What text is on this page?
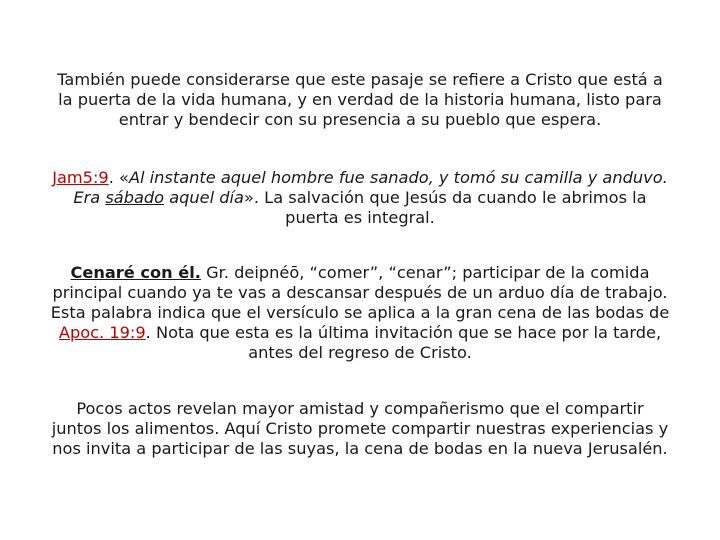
También puede considerarse que este pasaje se refiere a Cristo que está a
la puerta de la vida humana, y en verdad de la historia humana, listo para
entrar y bendecir con su presencia a su pueblo que espera.
Jam5:9. «Al instante aquel hombre fue sanado, y tomó su camilla y anduvo.
Era sábado aquel día». La salvación que Jesús da cuando le abrimos la
puerta es integral.
Cenaré con él. Gr. deipnéō, “comer”, “cenar”; participar de la comida
principal cuando ya te vas a descansar después de un arduo día de trabajo.
Esta palabra indica que el versículo se aplica a la gran cena de las bodas de
Apoc. 19:9. Nota que esta es la última invitación que se hace por la tarde,
antes del regreso de Cristo.
Pocos actos revelan mayor amistad y compañerismo que el compartir
juntos los alimentos. Aquí Cristo promete compartir nuestras experiencias y
nos invita a participar de las suyas, la cena de bodas en la nueva Jerusalén.
